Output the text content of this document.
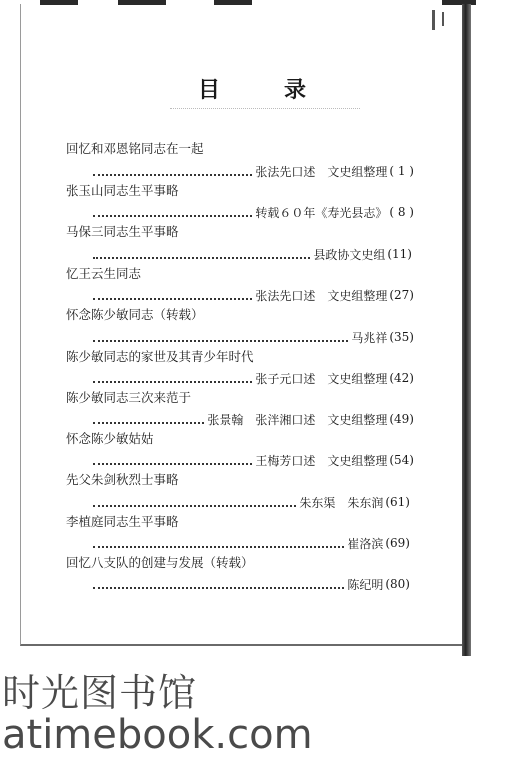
目	录
回忆和邓恩铭同志在一起
张法先口述　文史组整理 ( 1 )
张玉山同志生平事略
转载６０年《寿光县志》 ( 8 )
马保三同志生平事略
县政协文史组 (11)
忆王云生同志
张法先口述　文史组整理 (27)
怀念陈少敏同志（转载）
马兆祥 (35)
陈少敏同志的家世及其青少年时代
张子元口述　文史组整理 (42)
陈少敏同志三次来范于
张景翰　张泮湘口述　文史组整理 (49)
怀念陈少敏姑姑
王梅芳口述　文史组整理 (54)
先父朱剑秋烈士事略
朱东渠　朱东润 (61)
李植庭同志生平事略
崔洛滨 (69)
回忆八支队的创建与发展（转载）
陈纪明 (80)
时光图书馆
atimebook.com
